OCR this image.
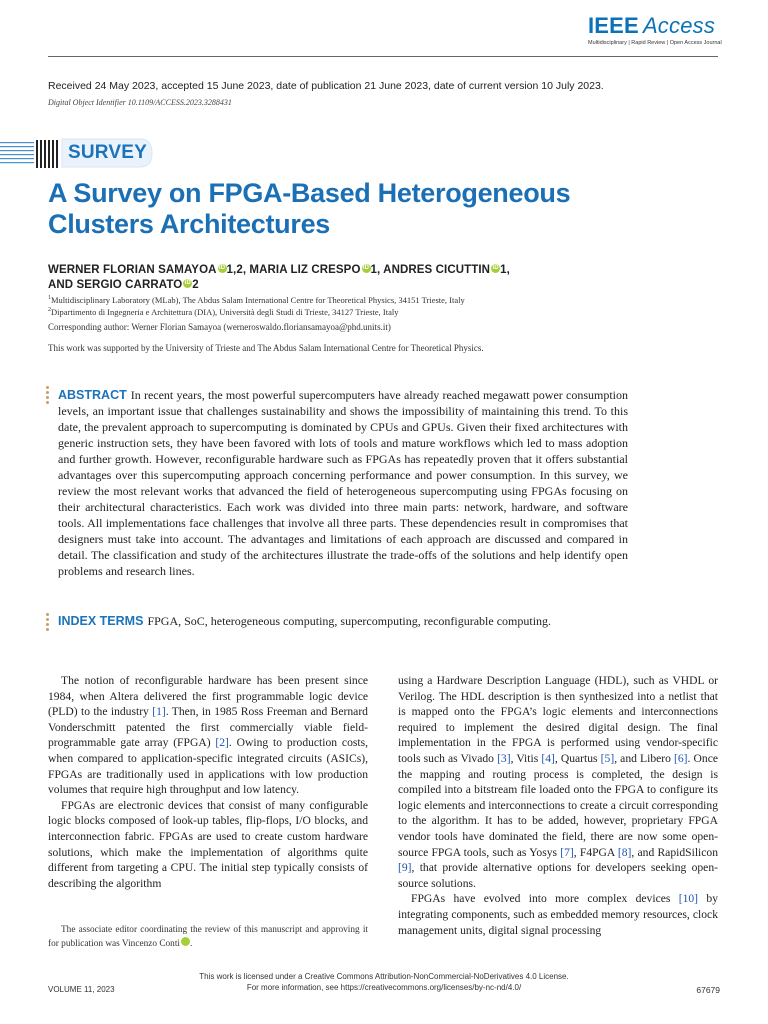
IEEE Access
Multidisciplinary | Rapid Review | Open Access Journal
Received 24 May 2023, accepted 15 June 2023, date of publication 21 June 2023, date of current version 10 July 2023.
Digital Object Identifier 10.1109/ACCESS.2023.3288431
SURVEY
A Survey on FPGA-Based Heterogeneous Clusters Architectures
WERNER FLORIAN SAMAYOA iD1,2, MARIA LIZ CRESPO iD1, ANDRES CICUTTIN iD1,
AND SERGIO CARRATO iD2
$^1$Multidisciplinary Laboratory (MLab), The Abdus Salam International Centre for Theoretical Physics, 34151 Trieste, Italy
$^2$Dipartimento di Ingegneria e Architettura (DIA), Università degli Studi di Trieste, 34127 Trieste, Italy
Corresponding author: Werner Florian Samayoa (werneroswaldo.floriansamayoa@phd.units.it)
This work was supported by the University of Trieste and The Abdus Salam International Centre for Theoretical Physics.
ABSTRACT In recent years, the most powerful supercomputers have already reached megawatt power consumption levels, an important issue that challenges sustainability and shows the impossibility of maintaining this trend. To this date, the prevalent approach to supercomputing is dominated by CPUs and GPUs. Given their fixed architectures with generic instruction sets, they have been favored with lots of tools and mature workflows which led to mass adoption and further growth. However, reconfigurable hardware such as FPGAs has repeatedly proven that it offers substantial advantages over this supercomputing approach concerning performance and power consumption. In this survey, we review the most relevant works that advanced the field of heterogeneous supercomputing using FPGAs focusing on their architectural characteristics. Each work was divided into three main parts: network, hardware, and software tools. All implementations face challenges that involve all three parts. These dependencies result in compromises that designers must take into account. The advantages and limitations of each approach are discussed and compared in detail. The classification and study of the architectures illustrate the trade-offs of the solutions and help identify open problems and research lines.
INDEX TERMS FPGA, SoC, heterogeneous computing, supercomputing, reconfigurable computing.

The notion of reconfigurable hardware has been present since 1984, when Altera delivered the first programmable logic device (PLD) to the industry [1]. Then, in 1985 Ross Freeman and Bernard Vonderschmitt patented the first commercially viable field-programmable gate array (FPGA) [2]. Owing to production costs, when compared to application-specific integrated circuits (ASICs), FPGAs are traditionally used in applications with low production volumes that require high throughput and low latency.

FPGAs are electronic devices that consist of many configurable logic blocks composed of look-up tables, flip-flops, I/O blocks, and interconnection fabric. FPGAs are used to create custom hardware solutions, which make the implementation of algorithms quite different from targeting a CPU. The initial step typically consists of describing the algorithm

The associate editor coordinating the review of this manuscript and approving it for publication was Vincenzo Conti iD.

using a Hardware Description Language (HDL), such as VHDL or Verilog. The HDL description is then synthesized into a netlist that is mapped onto the FPGA’s logic elements and interconnections required to implement the desired digital design. The final implementation in the FPGA is performed using vendor-specific tools such as Vivado [3], Vitis [4], Quartus [5], and Libero [6]. Once the mapping and routing process is completed, the design is compiled into a bitstream file loaded onto the FPGA to configure its logic elements and interconnections to create a circuit corresponding to the algorithm. It has to be added, however, proprietary FPGA vendor tools have dominated the field, there are now some open-source FPGA tools, such as Yosys [7], F4PGA [8], and RapidSilicon [9], that provide alternative options for developers seeking open-source solutions.

FPGAs have evolved into more complex devices [10] by integrating components, such as embedded memory resources, clock management units, digital signal processing

This work is licensed under a Creative Commons Attribution-NonCommercial-NoDerivatives 4.0 License.
For more information, see https://creativecommons.org/licenses/by-nc-nd/4.0/
VOLUME 11, 2023	67679
